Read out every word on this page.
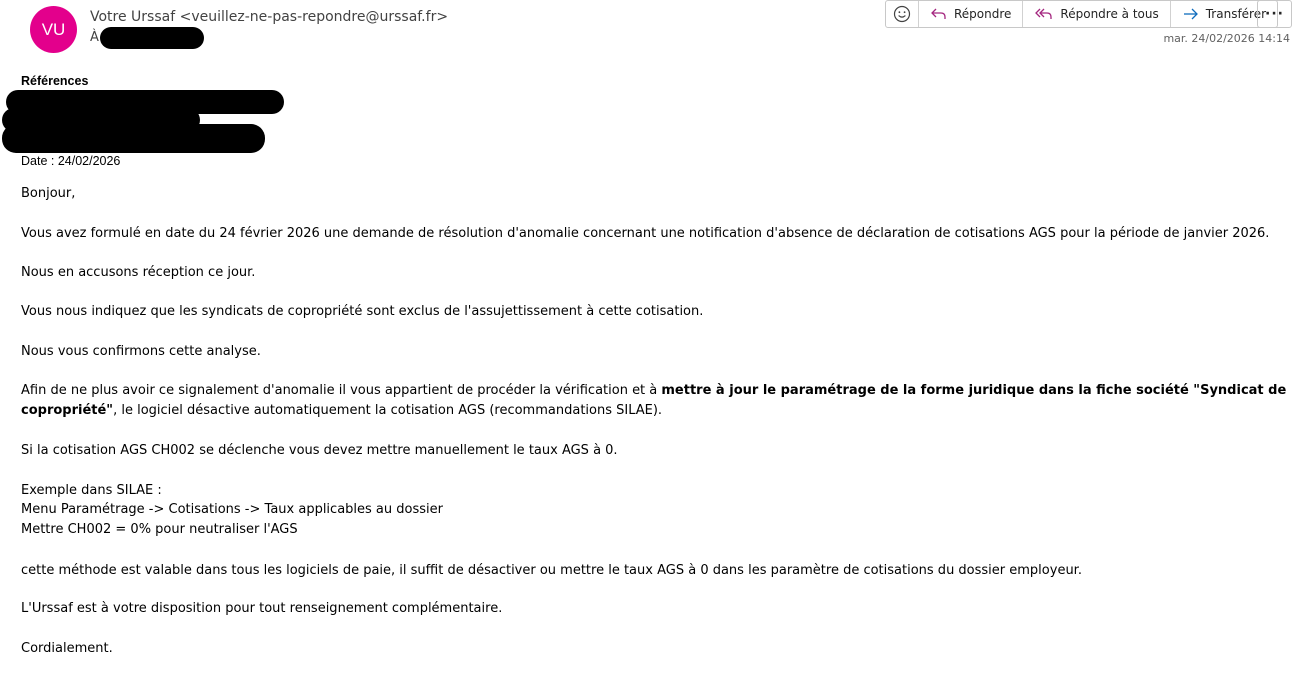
VU
Votre Urssaf <veuillez-ne-pas-repondre@urssaf.fr>
À
Répondre	Répondre à tous	Transférer
···
mar. 24/02/2026 14:14
Références
Date : 24/02/2026
Bonjour,
Vous avez formulé en date du 24 février 2026 une demande de résolution d'anomalie concernant une notification d'absence de déclaration de cotisations AGS pour la période de janvier 2026.
Nous en accusons réception ce jour.
Vous nous indiquez que les syndicats de copropriété sont exclus de l'assujettissement à cette cotisation.
Nous vous confirmons cette analyse.
Afin de ne plus avoir ce signalement d'anomalie il vous appartient de procéder la vérification et à mettre à jour le paramétrage de la forme juridique dans la fiche société "Syndicat de copropriété", le logiciel désactive automatiquement la cotisation AGS (recommandations SILAE).
Si la cotisation AGS CH002 se déclenche vous devez mettre manuellement le taux AGS à 0.
Exemple dans SILAE :
Menu Paramétrage -> Cotisations -> Taux applicables au dossier
Mettre CH002 = 0% pour neutraliser l'AGS
cette méthode est valable dans tous les logiciels de paie, il suffit de désactiver ou mettre le taux AGS à 0 dans les paramètre de cotisations du dossier employeur.
L'Urssaf est à votre disposition pour tout renseignement complémentaire.
Cordialement.
